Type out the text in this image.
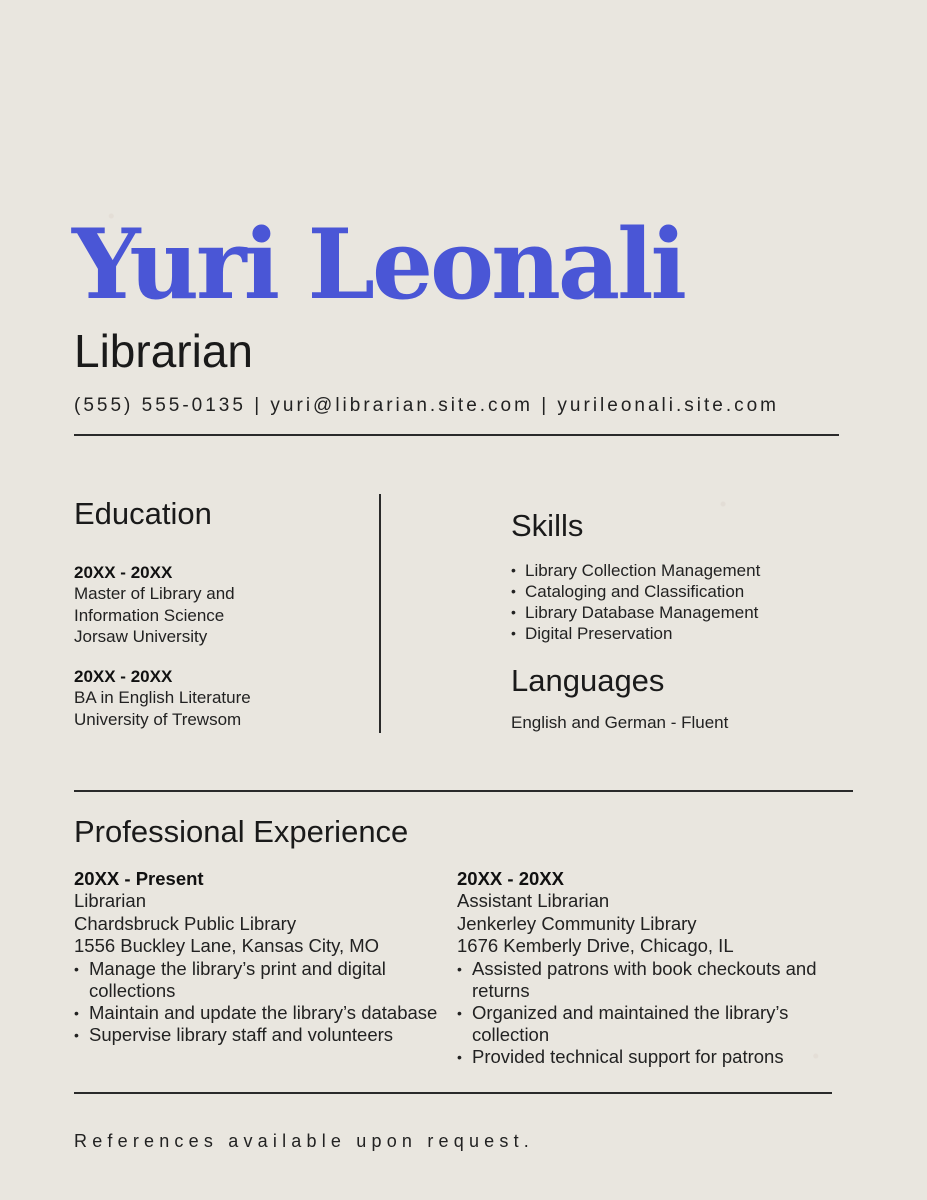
Yuri Leonali
Librarian
(555) 555-0135 | yuri@librarian.site.com | yurileonali.site.com
Education
20XX - 20XX
Master of Library and
Information Science
Jorsaw University
20XX - 20XX
BA in English Literature
University of Trewsom
Skills
• Library Collection Management
• Cataloging and Classification
• Library Database Management
• Digital Preservation
Languages
English and German - Fluent
Professional Experience
20XX - Present
Librarian
Chardsbruck Public Library
1556 Buckley Lane, Kansas City, MO
• Manage the library’s print and digital collections
• Maintain and update the library’s database
• Supervise library staff and volunteers
20XX - 20XX
Assistant Librarian
Jenkerley Community Library
1676 Kemberly Drive, Chicago, IL
• Assisted patrons with book checkouts and returns
• Organized and maintained the library’s collection
• Provided technical support for patrons
References available upon request.
